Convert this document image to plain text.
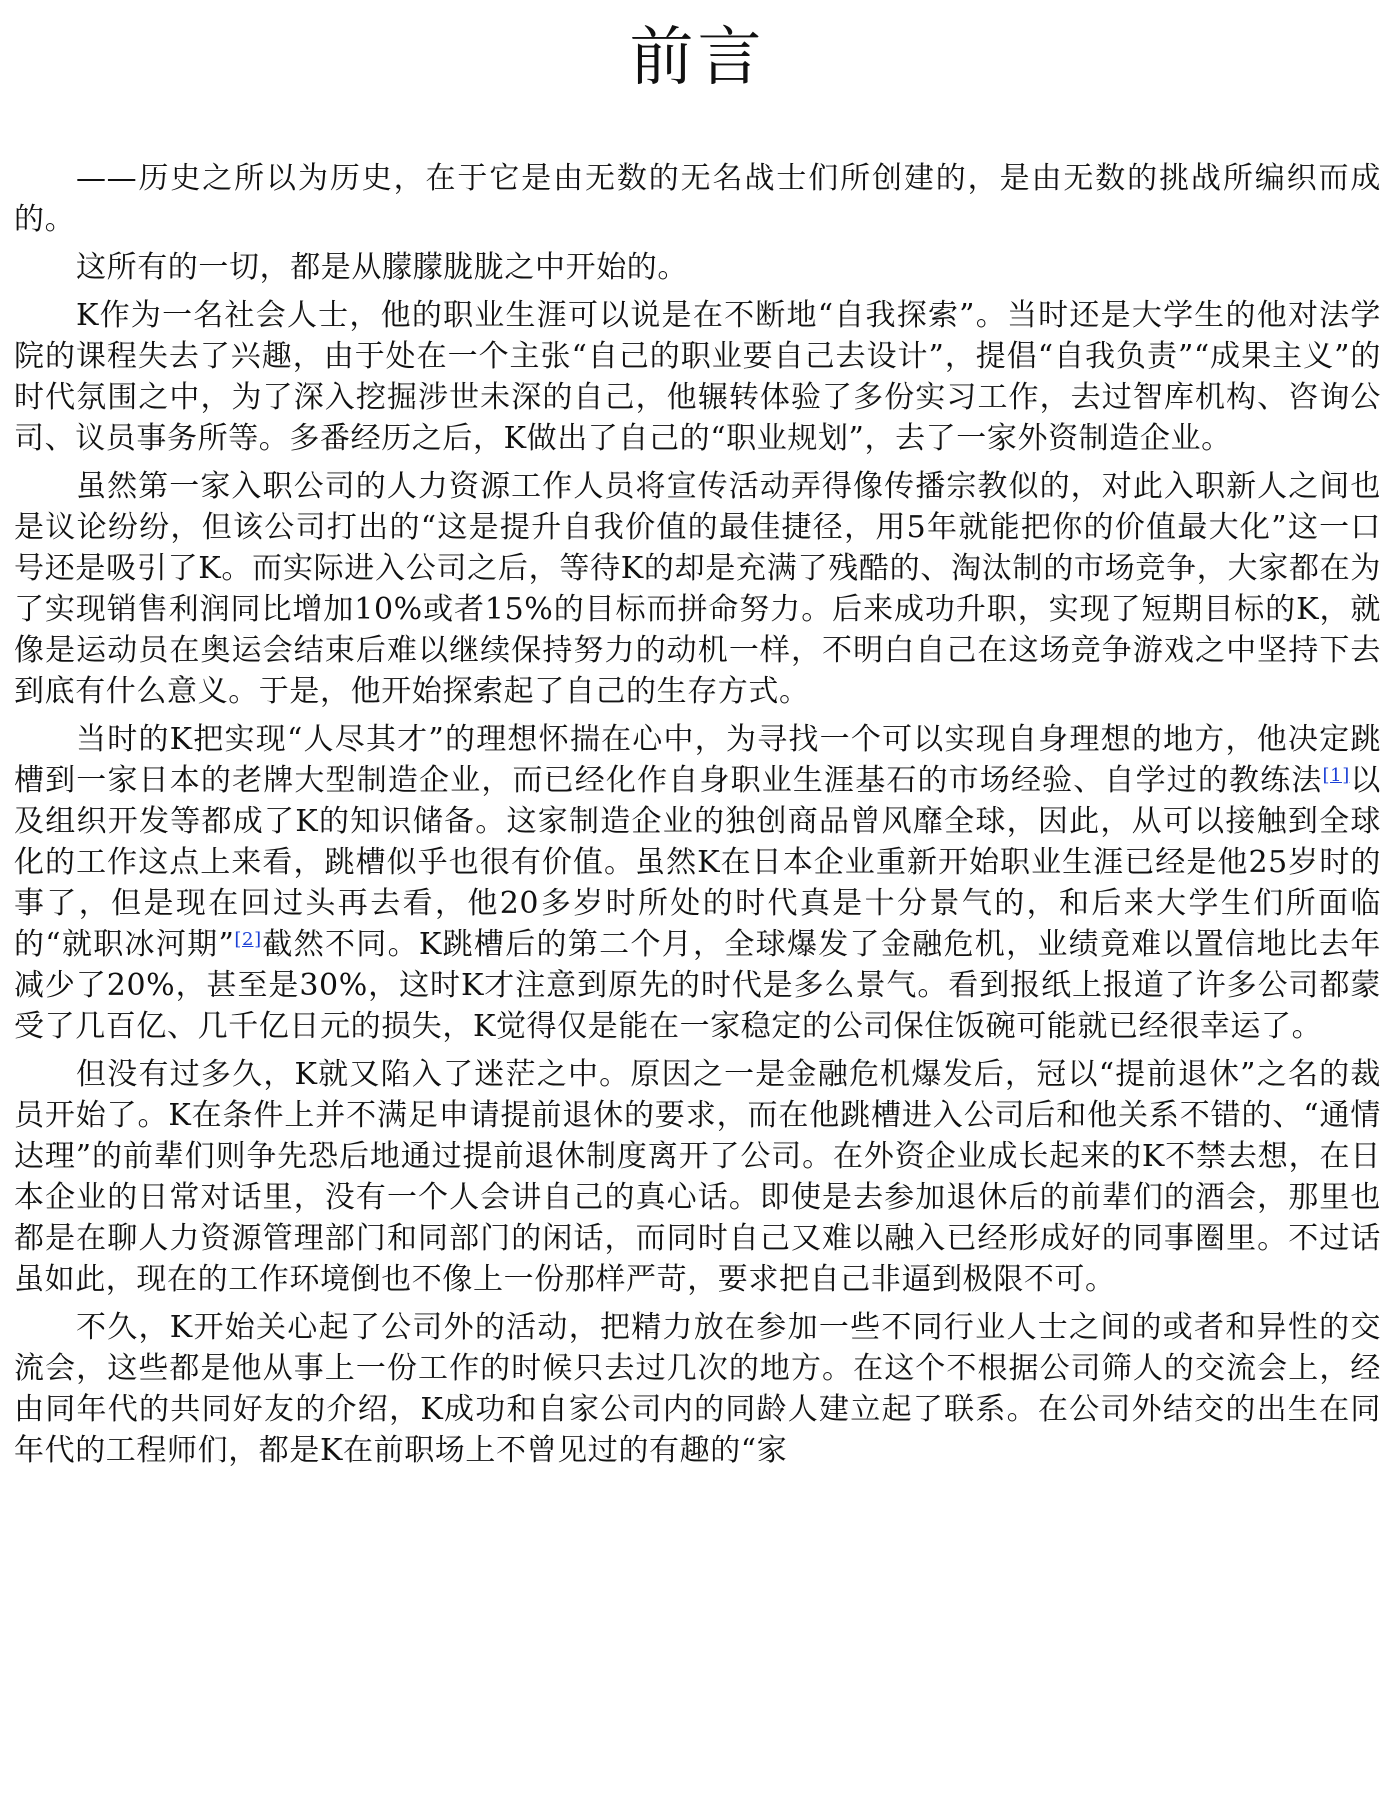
前言

——历史之所以为历史，在于它是由无数的无名战士们所创建的，是由无数的挑战所编织而成的。

这所有的一切，都是从朦朦胧胧之中开始的。

K作为一名社会人士，他的职业生涯可以说是在不断地“自我探索”。当时还是大学生的他对法学院的课程失去了兴趣，由于处在一个主张“自己的职业要自己去设计”，提倡“自我负责”“成果主义”的时代氛围之中，为了深入挖掘涉世未深的自己，他辗转体验了多份实习工作，去过智库机构、咨询公司、议员事务所等。多番经历之后，K做出了自己的“职业规划”，去了一家外资制造企业。

虽然第一家入职公司的人力资源工作人员将宣传活动弄得像传播宗教似的，对此入职新人之间也是议论纷纷，但该公司打出的“这是提升自我价值的最佳捷径，用5年就能把你的价值最大化”这一口号还是吸引了K。而实际进入公司之后，等待K的却是充满了残酷的、淘汰制的市场竞争，大家都在为了实现销售利润同比增加10%或者15%的目标而拼命努力。后来成功升职，实现了短期目标的K，就像是运动员在奥运会结束后难以继续保持努力的动机一样，不明白自己在这场竞争游戏之中坚持下去到底有什么意义。于是，他开始探索起了自己的生存方式。

当时的K把实现“人尽其才”的理想怀揣在心中，为寻找一个可以实现自身理想的地方，他决定跳槽到一家日本的老牌大型制造企业，而已经化作自身职业生涯基石的市场经验、自学过的教练法[1]以及组织开发等都成了K的知识储备。这家制造企业的独创商品曾风靡全球，因此，从可以接触到全球化的工作这点上来看，跳槽似乎也很有价值。虽然K在日本企业重新开始职业生涯已经是他25岁时的事了，但是现在回过头再去看，他20多岁时所处的时代真是十分景气的，和后来大学生们所面临的“就职冰河期”[2]截然不同。K跳槽后的第二个月，全球爆发了金融危机，业绩竟难以置信地比去年减少了20%，甚至是30%，这时K才注意到原先的时代是多么景气。看到报纸上报道了许多公司都蒙受了几百亿、几千亿日元的损失，K觉得仅是能在一家稳定的公司保住饭碗可能就已经很幸运了。

但没有过多久，K就又陷入了迷茫之中。原因之一是金融危机爆发后，冠以“提前退休”之名的裁员开始了。K在条件上并不满足申请提前退休的要求，而在他跳槽进入公司后和他关系不错的、“通情达理”的前辈们则争先恐后地通过提前退休制度离开了公司。在外资企业成长起来的K不禁去想，在日本企业的日常对话里，没有一个人会讲自己的真心话。即使是去参加退休后的前辈们的酒会，那里也都是在聊人力资源管理部门和同部门的闲话，而同时自己又难以融入已经形成好的同事圈里。不过话虽如此，现在的工作环境倒也不像上一份那样严苛，要求把自己非逼到极限不可。

不久，K开始关心起了公司外的活动，把精力放在参加一些不同行业人士之间的或者和异性的交流会，这些都是他从事上一份工作的时候只去过几次的地方。在这个不根据公司筛人的交流会上，经由同年代的共同好友的介绍，K成功和自家公司内的同龄人建立起了联系。在公司外结交的出生在同年代的工程师们，都是K在前职场上不曾见过的有趣的“家
